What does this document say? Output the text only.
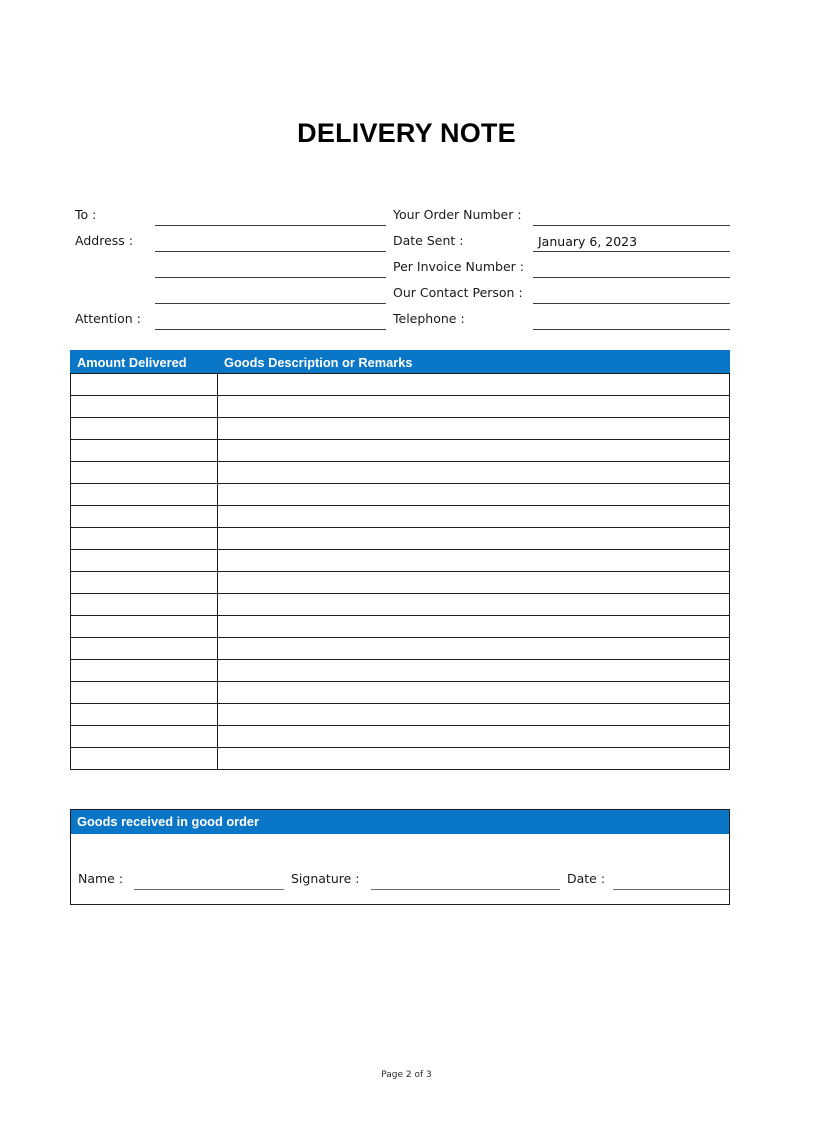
DELIVERY NOTE
To :	Your Order Number :
Address :	Date Sent :	January 6, 2023
Per Invoice Number :
Our Contact Person :
Attention :	Telephone :
Amount Delivered	Goods Description or Remarks

Goods received in good order
Name :	Signature :	Date :
Page 2 of 3
